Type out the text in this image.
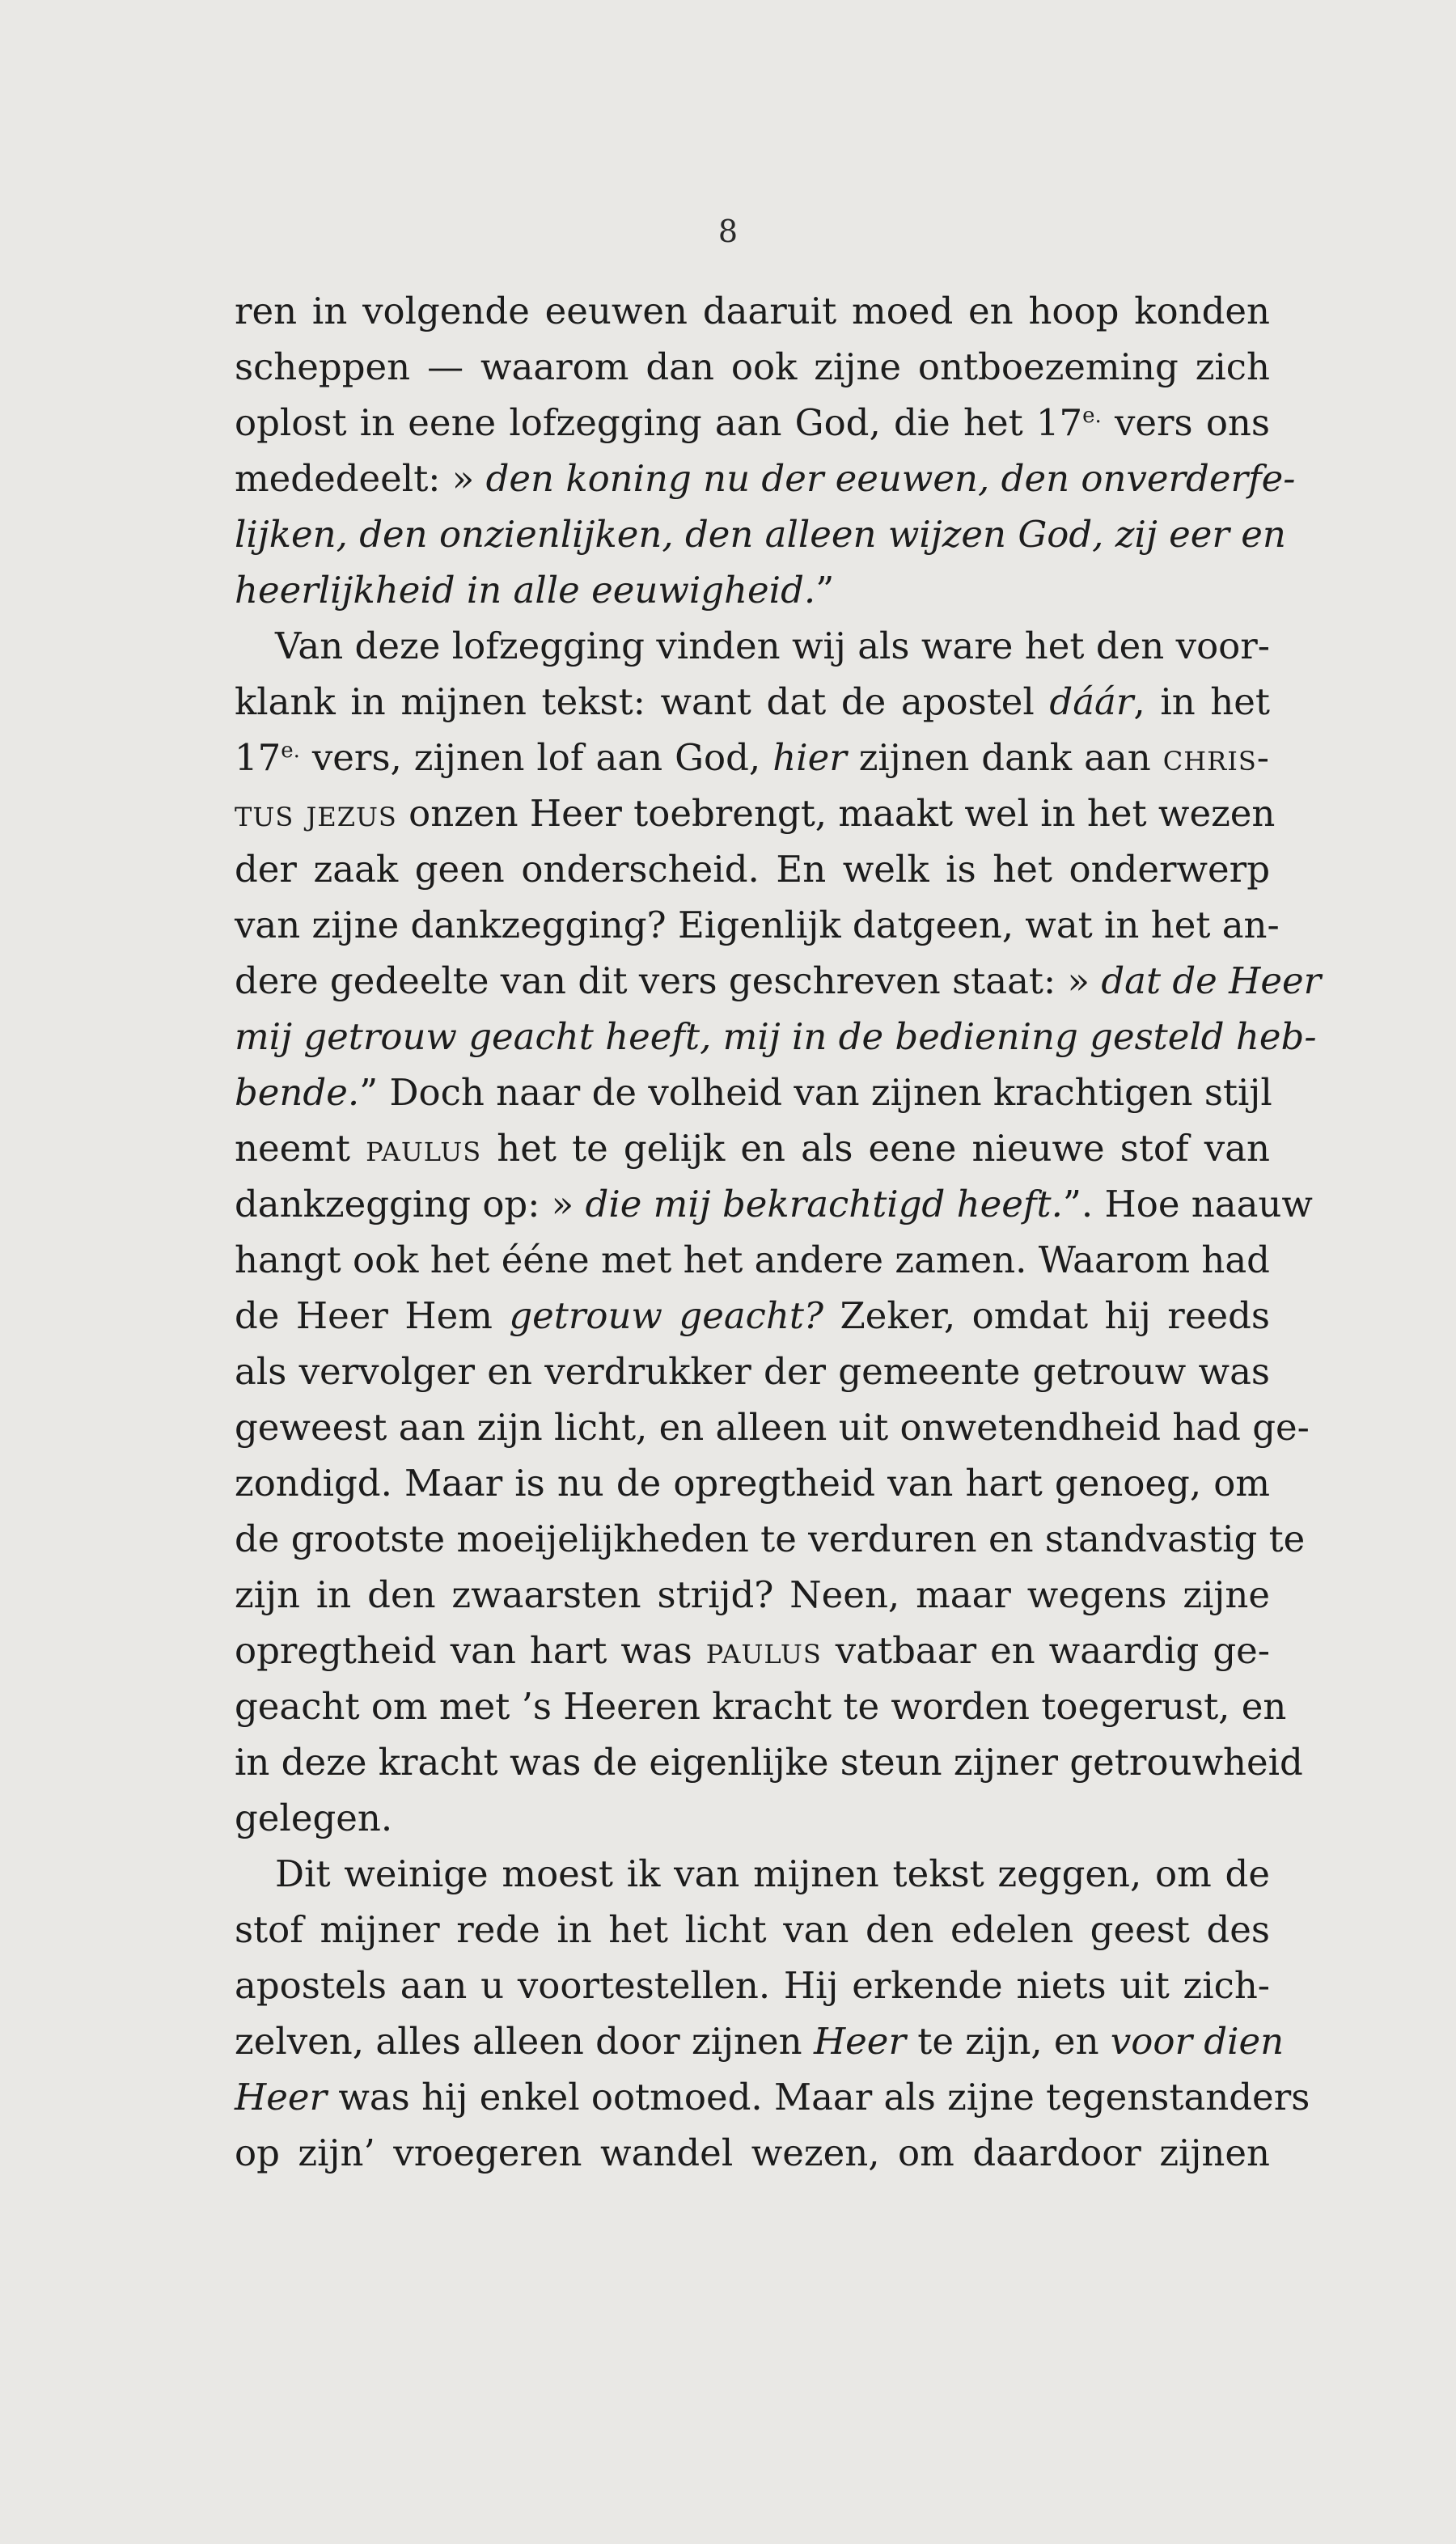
8
ren in volgende eeuwen daaruit moed en hoop konden
scheppen — waarom dan ook zijne ontboezeming zich
oplost in eene lofzegging aan God, die het $17^{e.}$ vers ons
mededeelt: » den koning nu der eeuwen, den onverderfe-
lijken, den onzienlijken, den alleen wijzen God, zij eer en
heerlijkheid in alle eeuwigheid.”
Van deze lofzegging vinden wij als ware het den voor-
klank in mijnen tekst: want dat de apostel dáár, in het
$17^{e.}$ vers, zijnen lof aan God, hier zijnen dank aan chris-
tus jezus onzen Heer toebrengt, maakt wel in het wezen
der zaak geen onderscheid. En welk is het onderwerp
van zijne dankzegging? Eigenlijk datgeen, wat in het an-
dere gedeelte van dit vers geschreven staat: » dat de Heer
mij getrouw geacht heeft, mij in de bediening gesteld heb-
bende.” Doch naar de volheid van zijnen krachtigen stijl
neemt paulus het te gelijk en als eene nieuwe stof van
dankzegging op: » die mij bekrachtigd heeft.”. Hoe naauw
hangt ook het ééne met het andere zamen. Waarom had
de Heer Hem getrouw geacht? Zeker, omdat hij reeds
als vervolger en verdrukker der gemeente getrouw was
geweest aan zijn licht, en alleen uit onwetendheid had ge-
zondigd. Maar is nu de opregtheid van hart genoeg, om
de grootste moeijelijkheden te verduren en standvastig te
zijn in den zwaarsten strijd? Neen, maar wegens zijne
opregtheid van hart was paulus vatbaar en waardig ge-
geacht om met ’s Heeren kracht te worden toegerust, en
in deze kracht was de eigenlijke steun zijner getrouwheid
gelegen.
Dit weinige moest ik van mijnen tekst zeggen, om de
stof mijner rede in het licht van den edelen geest des
apostels aan u voortestellen. Hij erkende niets uit zich-
zelven, alles alleen door zijnen Heer te zijn, en voor dien
Heer was hij enkel ootmoed. Maar als zijne tegenstanders
op zijn’ vroegeren wandel wezen, om daardoor zijnen
